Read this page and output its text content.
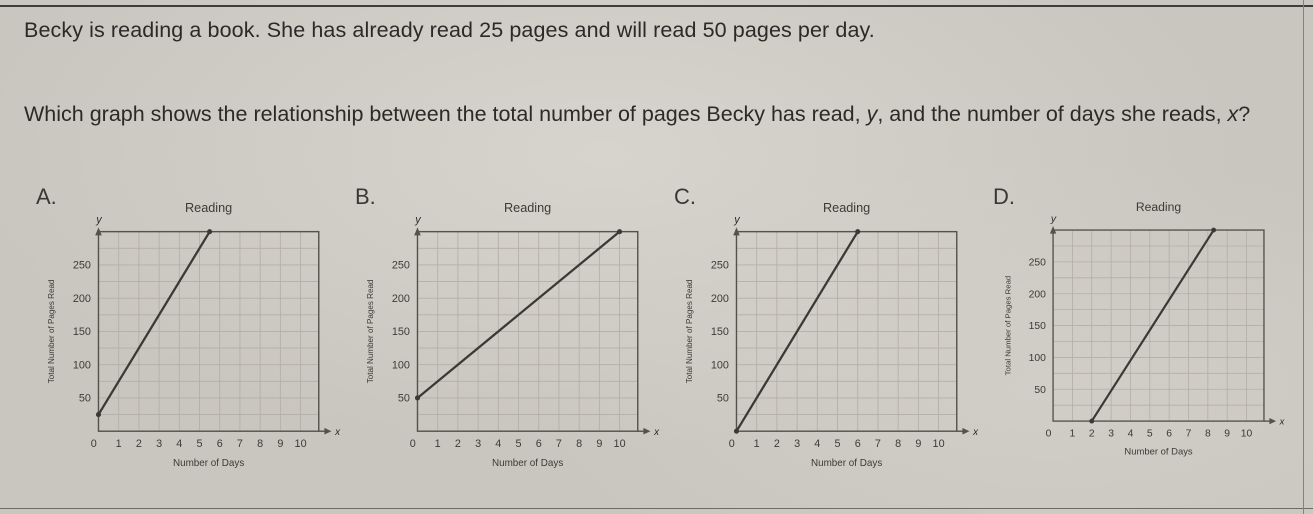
Becky is reading a book. She has already read 25 pages and will read 50 pages per day.

Which graph shows the relationship between the total number of pages Becky has read, y, and the number of days she reads, x?

A.
y
x
50
100
150
200
250
0 1 2 3 4 5 6 7 8 9 10
Reading
Number of Days
Total Number of Pages Read
B.
y
x
50
100
150
200
250
0 1 2 3 4 5 6 7 8 9 10
Reading
Number of Days
Total Number of Pages Read
C.
y
x
50
100
150
200
250
0 1 2 3 4 5 6 7 8 9 10
Reading
Number of Days
Total Number of Pages Read
D.
y
x
50
100
150
200
250
0 1 2 3 4 5 6 7 8 9 10
Reading
Number of Days
Total Number of Pages Read
